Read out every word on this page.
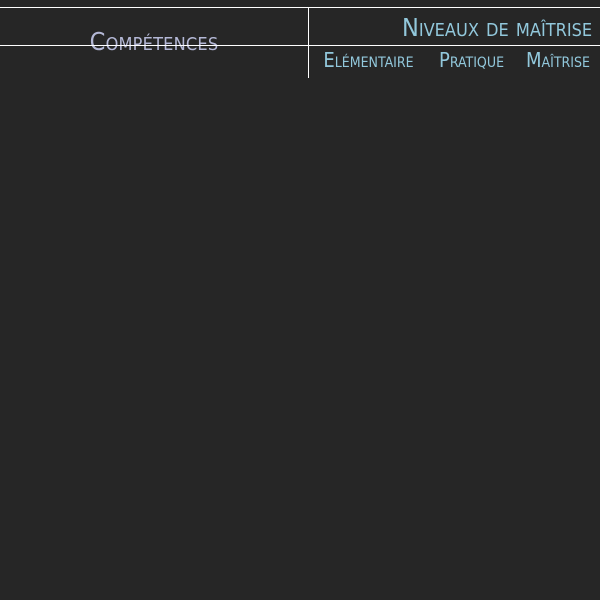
Compétences	Niveaux de maîtrise
Elémentaire	Pratique	Maîtrise
